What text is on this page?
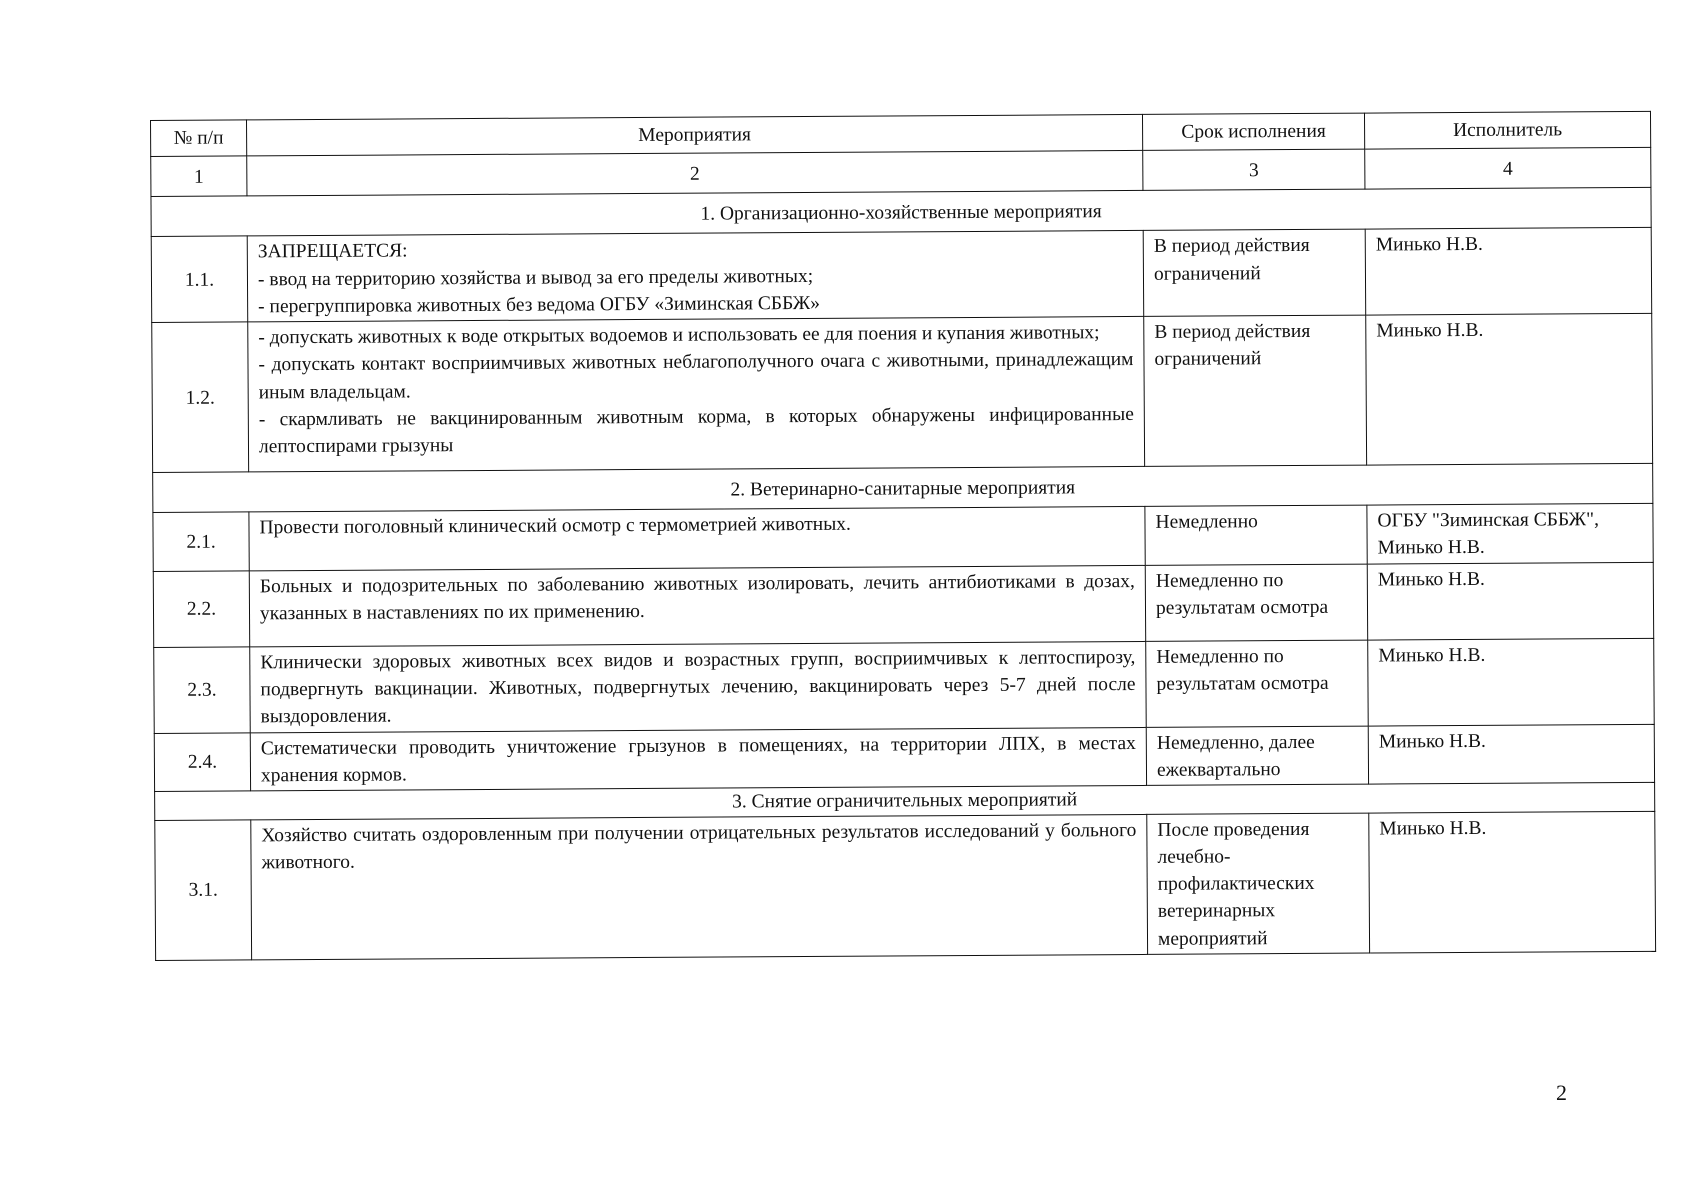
№ п/п	Мероприятия	Срок исполнения	Исполнитель
1	2	3	4
1. Организационно-хозяйственные мероприятия			
1.1.	ЗАПРЕЩАЕТСЯ:
- ввод на территорию хозяйства и вывод за его пределы животных;
- перегруппировка животных без ведома ОГБУ «Зиминская СББЖ»	В период действия ограничений	Минько Н.В.
1.2.	- допускать животных к воде открытых водоемов и использовать ее для поения и купания животных;
- допускать контакт восприимчивых животных неблагополучного очага с животными, принадлежащим иным владельцам.
- скармливать не вакцинированным животным корма, в которых обнаружены инфицированные лептоспирами грызуны	В период действия ограничений	Минько Н.В.
2. Ветеринарно-санитарные мероприятия			
2.1.	Провести поголовный клинический осмотр с термометрией животных.	Немедленно	ОГБУ "Зиминская СББЖ", Минько Н.В.
2.2.	Больных и подозрительных по заболеванию животных изолировать, лечить антибиотиками в дозах, указанных в наставлениях по их применению.	Немедленно по результатам осмотра	Минько Н.В.
2.3.	Клинически здоровых животных всех видов и возрастных групп, восприимчивых к лептоспирозу, подвергнуть вакцинации. Животных, подвергнутых лечению, вакцинировать через 5-7 дней после выздоровления.	Немедленно по результатам осмотра	Минько Н.В.
2.4.	Систематически проводить уничтожение грызунов в помещениях, на территории ЛПХ, в местах хранения кормов.	Немедленно, далее ежеквартально	Минько Н.В.
3. Снятие ограничительных мероприятий			
3.1.	Хозяйство считать оздоровленным при получении отрицательных результатов исследований у больного животного.	После проведения лечебно-профилактических ветеринарных мероприятий	Минько Н.В.
2
